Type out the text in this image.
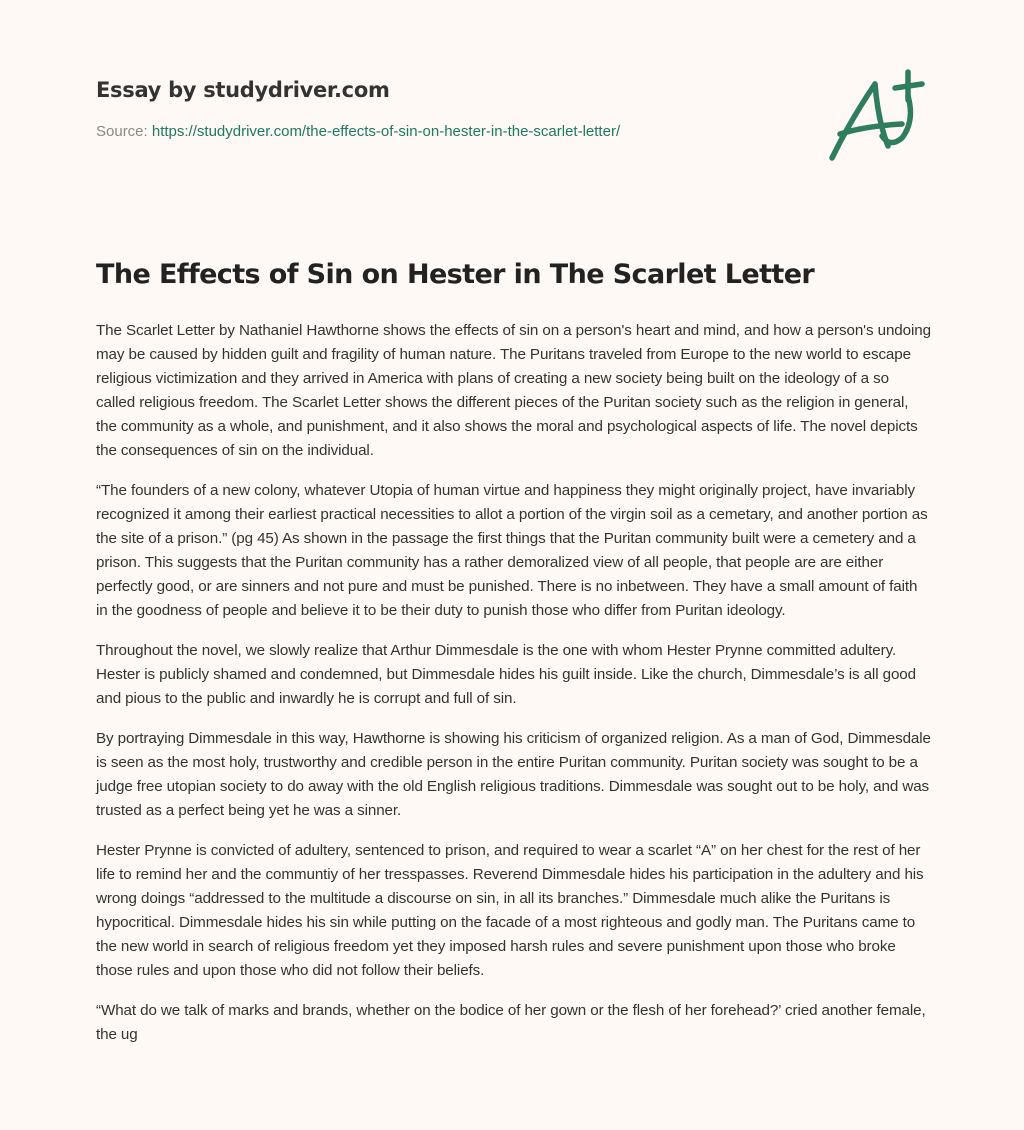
Essay by studydriver.com
Source: https://studydriver.com/the-effects-of-sin-on-hester-in-the-scarlet-letter/
The Effects of Sin on Hester in The Scarlet Letter

The Scarlet Letter by Nathaniel Hawthorne shows the effects of sin on a person's heart and mind, and how a person's undoing may be caused by hidden guilt and fragility of human nature. The Puritans traveled from Europe to the new world to escape religious victimization and they arrived in America with plans of creating a new society being built on the ideology of a so called religious freedom. The Scarlet Letter shows the different pieces of the Puritan society such as the religion in general, the community as a whole, and punishment, and it also shows the moral and psychological aspects of life. The novel depicts the consequences of sin on the individual.

“The founders of a new colony, whatever Utopia of human virtue and happiness they might originally project, have invariably recognized it among their earliest practical necessities to allot a portion of the virgin soil as a cemetary, and another portion as the site of a prison.” (pg 45) As shown in the passage the first things that the Puritan community built were a cemetery and a prison. This suggests that the Puritan community has a rather demoralized view of all people, that people are are either perfectly good, or are sinners and not pure and must be punished. There is no inbetween. They have a small amount of faith in the goodness of people and believe it to be their duty to punish those who differ from Puritan ideology.

Throughout the novel, we slowly realize that Arthur Dimmesdale is the one with whom Hester Prynne committed adultery. Hester is publicly shamed and condemned, but Dimmesdale hides his guilt inside. Like the church, Dimmesdale’s is all good and pious to the public and inwardly he is corrupt and full of sin.

By portraying Dimmesdale in this way, Hawthorne is showing his criticism of organized religion. As a man of God, Dimmesdale is seen as the most holy, trustworthy and credible person in the entire Puritan community. Puritan society was sought to be a judge free utopian society to do away with the old English religious traditions. Dimmesdale was sought out to be holy, and was trusted as a perfect being yet he was a sinner.

Hester Prynne is convicted of adultery, sentenced to prison, and required to wear a scarlet “A” on her chest for the rest of her life to remind her and the communtiy of her tresspasses. Reverend Dimmesdale hides his participation in the adultery and his wrong doings “addressed to the multitude a discourse on sin, in all its branches.” Dimmesdale much alike the Puritans is hypocritical. Dimmesdale hides his sin while putting on the facade of a most righteous and godly man. The Puritans came to the new world in search of religious freedom yet they imposed harsh rules and severe punishment upon those who broke those rules and upon those who did not follow their beliefs.

“What do we talk of marks and brands, whether on the bodice of her gown or the flesh of her forehead?’ cried another female, the ug
